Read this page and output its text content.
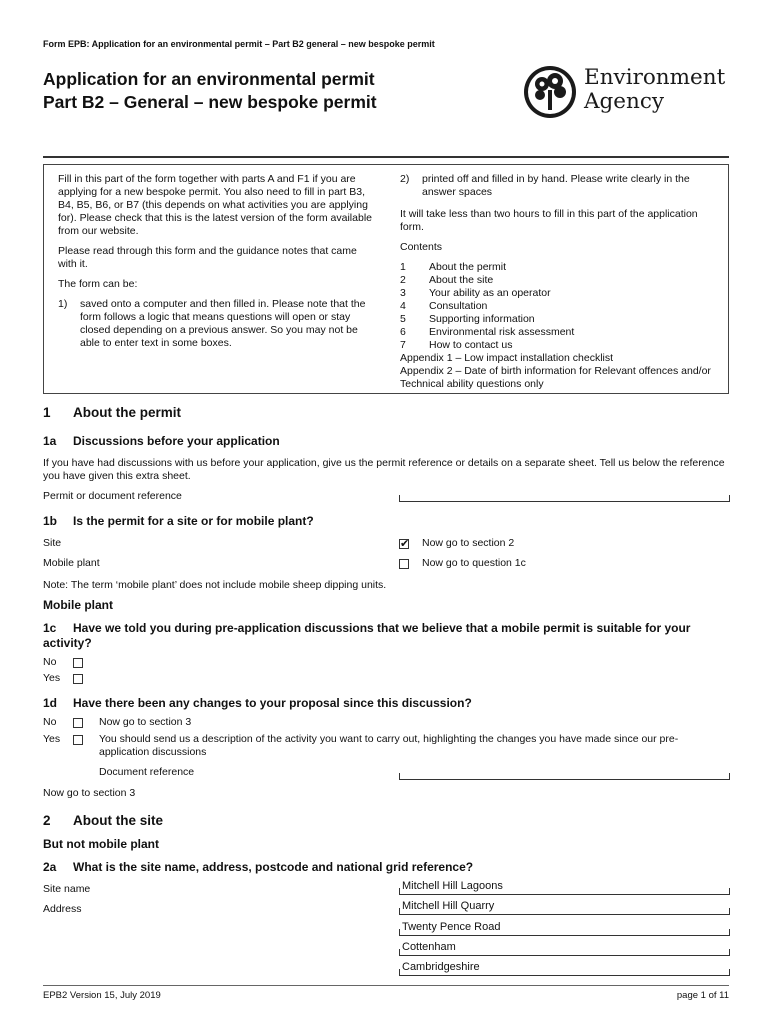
Form EPB: Application for an environmental permit – Part B2 general – new bespoke permit
Application for an environmental permit
Part B2 – General – new bespoke permit
Environment
Agency

Fill in this part of the form together with parts A and F1 if you are applying for a new bespoke permit. You also need to fill in part B3, B4, B5, B6, or B7 (this depends on what activities you are applying for). Please check that this is the latest version of the form available from our website.

Please read through this form and the guidance notes that came with it.

The form can be:

1)	saved onto a computer and then filled in. Please note that the form follows a logic that means questions will open or stay closed depending on a previous answer. So you may not be able to enter text in some boxes.
2)	printed off and filled in by hand. Please write clearly in the answer spaces

It will take less than two hours to fill in this part of the application form.

Contents

1	About the permit
2	About the site
3	Your ability as an operator
4	Consultation
5	Supporting information
6	Environmental risk assessment
7	How to contact us
Appendix 1 – Low impact installation checklist
Appendix 2 – Date of birth information for Relevant offences and/or Technical ability questions only
1 About the permit
1a Discussions before your application
If you have had discussions with us before your application, give us the permit reference or details on a separate sheet. Tell us below the reference you have given this extra sheet.
Permit or document reference
1b Is the permit for a site or for mobile plant?
Site
✔	Now go to section 2
Mobile plant	Now go to question 1c
Note: The term ‘mobile plant’ does not include mobile sheep dipping units.
Mobile plant
1c Have we told you during pre-application discussions that we believe that a mobile permit is suitable for your activity?
No
Yes
1d Have there been any changes to your proposal since this discussion?
No	Now go to section 3
Yes	You should send us a description of the activity you want to carry out, highlighting the changes you have made since our pre-application discussions
Document reference
Now go to section 3
2 About the site
But not mobile plant
2a What is the site name, address, postcode and national grid reference?
Site name	Mitchell Hill Lagoons
Address	Mitchell Hill Quarry
Twenty Pence Road
Cottenham
Cambridgeshire
EPB2 Version 15, July 2019	page 1 of 11
